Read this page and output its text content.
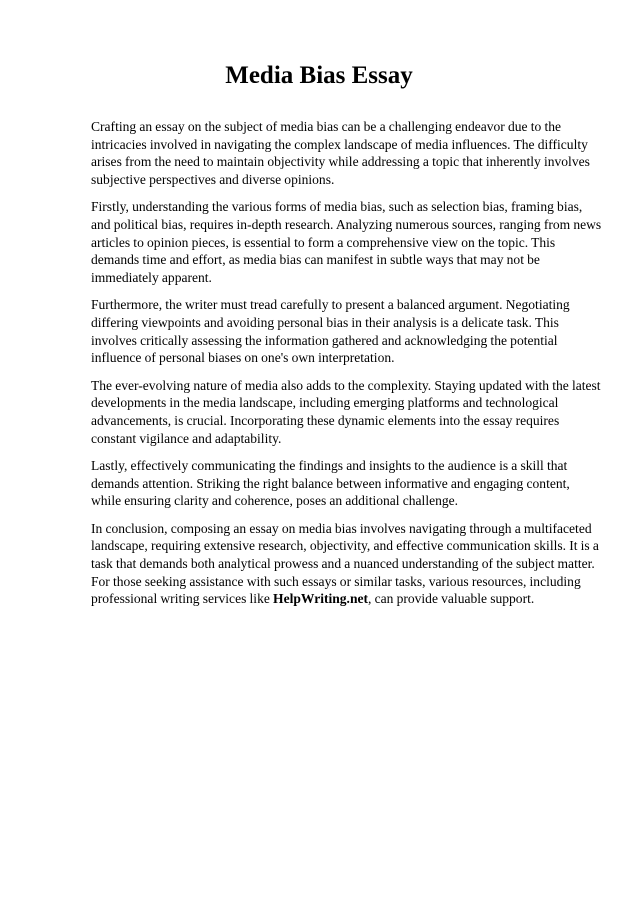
Media Bias Essay

Crafting an essay on the subject of media bias can be a challenging endeavor due to the intricacies involved in navigating the complex landscape of media influences. The difficulty arises from the need to maintain objectivity while addressing a topic that inherently involves subjective perspectives and diverse opinions.

Firstly, understanding the various forms of media bias, such as selection bias, framing bias, and political bias, requires in-depth research. Analyzing numerous sources, ranging from news articles to opinion pieces, is essential to form a comprehensive view on the topic. This demands time and effort, as media bias can manifest in subtle ways that may not be immediately apparent.

Furthermore, the writer must tread carefully to present a balanced argument. Negotiating differing viewpoints and avoiding personal bias in their analysis is a delicate task. This involves critically assessing the information gathered and acknowledging the potential influence of personal biases on one's own interpretation.

The ever-evolving nature of media also adds to the complexity. Staying updated with the latest developments in the media landscape, including emerging platforms and technological advancements, is crucial. Incorporating these dynamic elements into the essay requires constant vigilance and adaptability.

Lastly, effectively communicating the findings and insights to the audience is a skill that demands attention. Striking the right balance between informative and engaging content, while ensuring clarity and coherence, poses an additional challenge.

In conclusion, composing an essay on media bias involves navigating through a multifaceted landscape, requiring extensive research, objectivity, and effective communication skills. It is a task that demands both analytical prowess and a nuanced understanding of the subject matter. For those seeking assistance with such essays or similar tasks, various resources, including professional writing services like HelpWriting.net, can provide valuable support.
